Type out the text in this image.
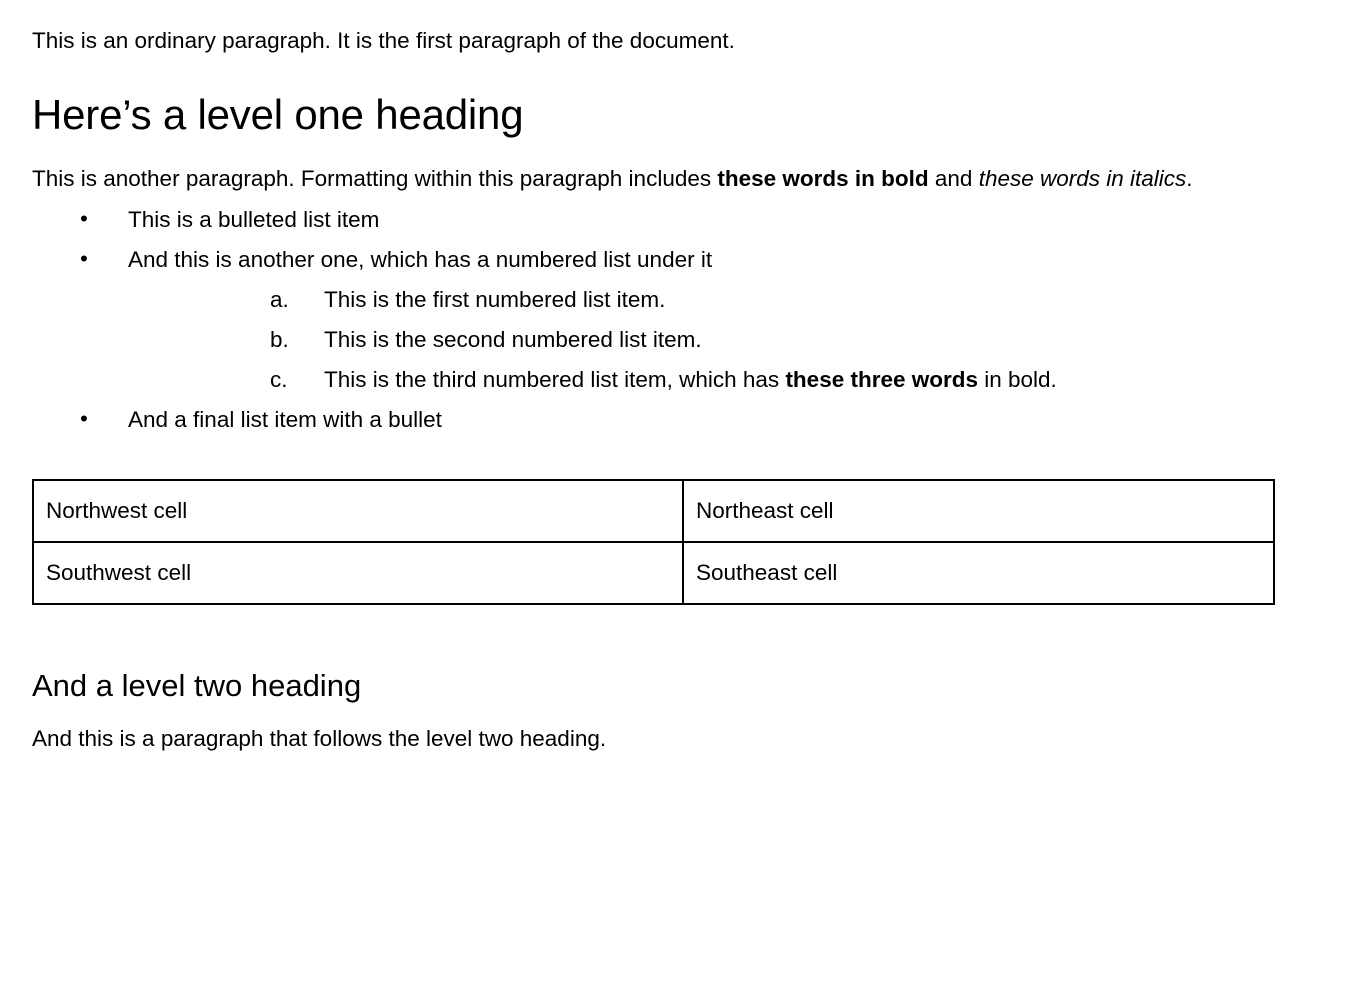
This is an ordinary paragraph. It is the first paragraph of the document.

Here’s a level one heading

This is another paragraph. Formatting within this paragraph includes these words in bold and these words in italics.

• This is a bulleted list item
• And this is another one, which has a numbered list under it
a.	This is the first numbered list item.
b.	This is the second numbered list item.
c.	This is the third numbered list item, which has these three words in bold.
• And a final list item with a bullet
Northwest cell	Northeast cell
Southwest cell	Southeast cell
And a level two heading

And this is a paragraph that follows the level two heading.
